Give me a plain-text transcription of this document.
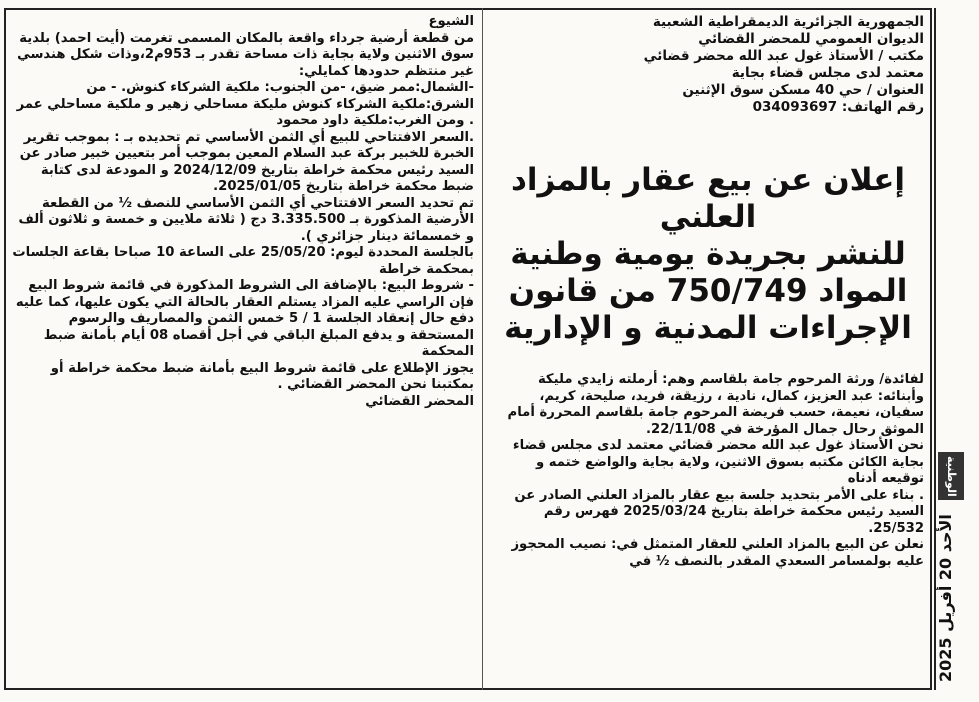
الوطنية
الأحد 20 أفريل 2025

الجمهورية الجزائرية الديمقراطية الشعبية

الديوان العمومي للمحضر القضائي

مكتب / الأستاذ غول عبد الله محضر قضائي

معتمد لدى مجلس قضاء بجاية

العنوان / حي 40 مسكن سوق الإثنين

رقم الهاتف: 034093697

إعلان عن بيع عقار بالمزاد العلني

للنشر بجريدة يومية وطنية

المواد 750/749 من قانون

الإجراءات المدنية و الإدارية

لفائدة/ ورثة المرحوم جامة بلقاسم وهم: أرملته زايدي مليكة وأبنائه: عبد العزيز، كمال، نادية ، رزيقة، فريد، صليحة، كريم، سفيان، نعيمة، حسب فريضة المرحوم جامة بلقاسم المحررة أمام الموثق رحال جمال المؤرخة في 22/11/08.

نحن الأستاذ غول عبد الله محضر قضائي معتمد لدى مجلس قضاء بجاية الكائن مكتبه بسوق الاثنين، ولاية بجاية والواضع ختمه و توقيعه أدناه

. بناء على الأمر بتحديد جلسة بيع عقار بالمزاد العلني الصادر عن السيد رئيس محكمة خراطة بتاريخ 2025/03/24 فهرس رقم 25/532.

نعلن عن البيع بالمزاد العلني للعقار المتمثل في: نصيب المحجوز عليه بولمسامر السعدي المقدر بالنصف ½ في

الشيوع

من قطعة أرضية جرداء واقعة بالمكان المسمى تغرمت (أيت احمد) بلدية سوق الاثنين ولاية بجاية ذات مساحة تقدر بـ 953م2،وذات شكل هندسي غير منتظم حدودها كمايلي:

-الشمال:ممر ضيق، -من الجنوب: ملكية الشركاء كنوش. - من الشرق:ملكية الشركاء كنوش مليكة مساحلي زهير و ملكية مساحلي عمر . ومن الغرب:ملكية داود محمود

.السعر الافتتاحي للبيع أي الثمن الأساسي تم تحديده بـ : بموجب تقرير الخبرة للخبير بركة عبد السلام المعين بموجب أمر بتعيين خبير صادر عن السيد رئيس محكمة خراطة بتاريخ 2024/12/09 و المودعة لدى كتابة ضبط محكمة خراطة بتاريخ 2025/01/05.

تم تحديد السعر الافتتاحي أي الثمن الأساسي للنصف ½ من القطعة الأرضية المذكورة بـ 3.335.500 دج ( ثلاثة ملايين و خمسة و ثلاثون ألف و خمسمائة دينار جزائري ).

بالجلسة المحددة ليوم: 25/05/20 على الساعة 10 صباحا بقاعة الجلسات بمحكمة خراطة

- شروط البيع: بالإضافة الى الشروط المذكورة في قائمة شروط البيع فإن الراسي عليه المزاد يستلم العقار بالحالة التي يكون عليها، كما عليه دفع حال إنعقاد الجلسة 1 / 5 خمس الثمن والمصاريف والرسوم المستحقة و يدفع المبلغ الباقي في أجل أقصاه 08 أيام بأمانة ضبط المحكمة

يجوز الإطلاع على قائمة شروط البيع بأمانة ضبط محكمة خراطة أو بمكتبنا نحن المحضر القضائي .

المحضر القضائي
